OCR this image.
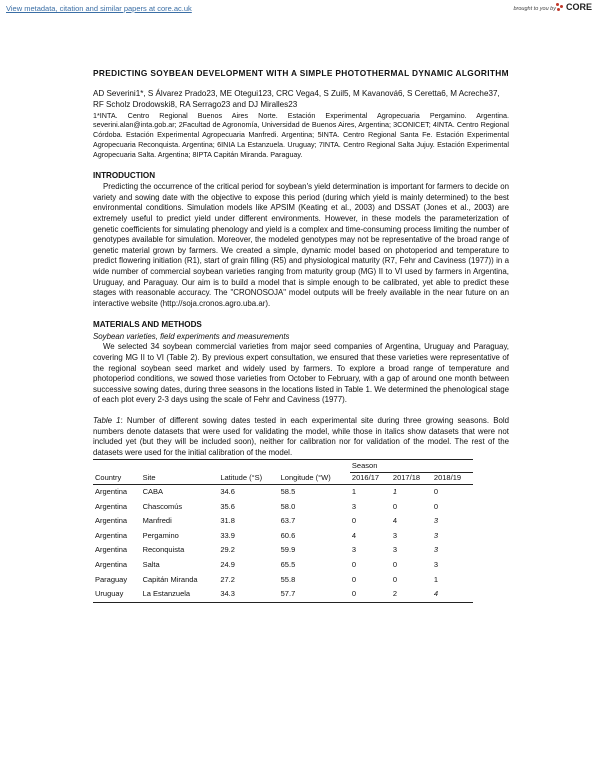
View metadata, citation and similar papers at core.ac.uk	brought to you by CORE
PREDICTING SOYBEAN DEVELOPMENT WITH A SIMPLE PHOTOTHERMAL DYNAMIC ALGORITHM
AD Severini1*, S Álvarez Prado23, ME Otegui123, CRC Vega4, S Zuil5, M Kavanová6, S Ceretta6, M Acreche37, RF Scholz Drodowski8, RA Serrago23 and DJ Miralles23
1*INTA. Centro Regional Buenos Aires Norte. Estación Experimental Agropecuaria Pergamino. Argentina. severini.alan@inta.gob.ar; 2Facultad de Agronomía, Universidad de Buenos Aires, Argentina; 3CONICET; 4INTA. Centro Regional Córdoba. Estación Experimental Agropecuaria Manfredi. Argentina; 5INTA. Centro Regional Santa Fe. Estación Experimental Agropecuaria Reconquista. Argentina; 6INIA La Estanzuela. Uruguay; 7INTA. Centro Regional Salta Jujuy. Estación Experimental Agropecuaria Salta. Argentina; 8IPTA Capitán Miranda. Paraguay.
INTRODUCTION

Predicting the occurrence of the critical period for soybean's yield determination is important for farmers to decide on variety and sowing date with the objective to expose this period (during which yield is mainly determined) to the best environmental conditions. Simulation models like APSIM (Keating et al., 2003) and DSSAT (Jones et al., 2003) are extremely useful to predict yield under different environments. However, in these models the parameterization of genetic coefficients for simulating phenology and yield is a complex and time-consuming process limiting the number of genotypes available for simulation. Moreover, the modeled genotypes may not be representative of the broad range of genetic material grown by farmers. We created a simple, dynamic model based on photoperiod and temperature to predict flowering initiation (R1), start of grain filling (R5) and physiological maturity (R7, Fehr and Caviness (1977)) in a wide number of commercial soybean varieties ranging from maturity group (MG) II to VI used by farmers in Argentina, Uruguay, and Paraguay. Our aim is to build a model that is simple enough to be calibrated, yet able to predict these stages with reasonable accuracy. The "CRONOSOJA" model outputs will be freely available in the near future on an interactive website (http://soja.cronos.agro.uba.ar).

MATERIALS AND METHODS
Soybean varieties, field experiments and measurements

We selected 34 soybean commercial varieties from major seed companies of Argentina, Uruguay and Paraguay, covering MG II to VI (Table 2). By previous expert consultation, we ensured that these varieties were representative of the regional soybean seed market and widely used by farmers. To explore a broad range of temperature and photoperiod conditions, we sowed those varieties from October to February, with a gap of around one month between successive sowing dates, during three seasons in the locations listed in Table 1. We determined the phenological stage of each plot every 2-3 days using the scale of Fehr and Caviness (1977).

Table 1: Number of different sowing dates tested in each experimental site during three growing seasons. Bold numbers denote datasets that were used for validating the model, while those in italics show datasets that were not included yet (but they will be included soon), neither for calibration nor for validation of the model. The rest of the datasets were used for the initial calibration of the model.

				Season		
Country	Site	Latitude (°S)	Longitude (°W)	2016/17	2017/18	2018/19
Argentina	CABA	34.6	58.5	1	1	0
Argentina	Chascomús	35.6	58.0	3	0	0
Argentina	Manfredi	31.8	63.7	0	4	3
Argentina	Pergamino	33.9	60.6	4	3	3
Argentina	Reconquista	29.2	59.9	3	3	3
Argentina	Salta	24.9	65.5	0	0	3
Paraguay	Capitán Miranda	27.2	55.8	0	0	1
Uruguay	La Estanzuela	34.3	57.7	0	2	4
